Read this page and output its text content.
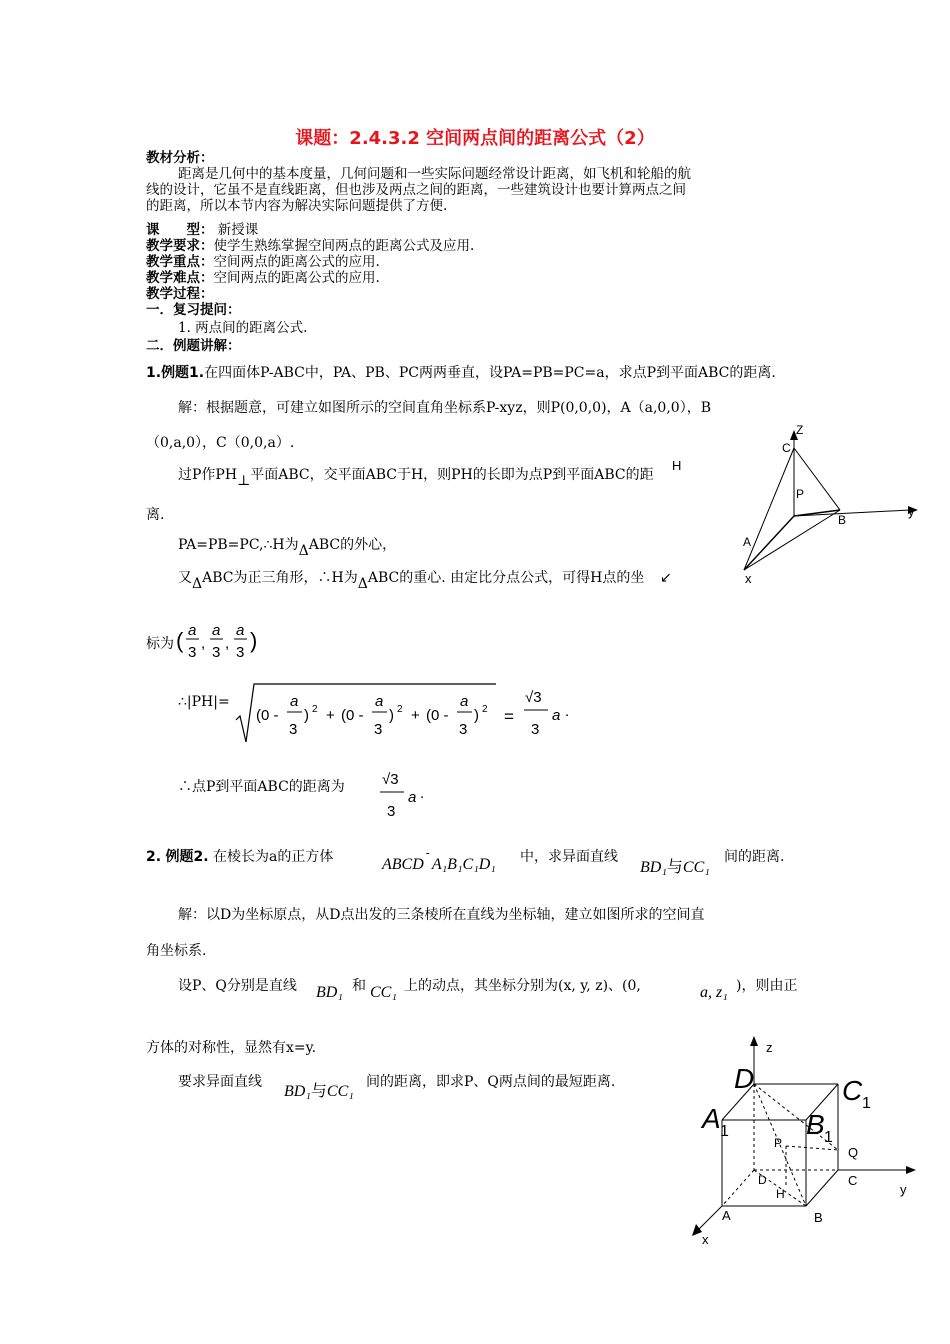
课题：2.4.3.2 空间两点间的距离公式（2）
教材分析：
距离是几何中的基本度量，几何问题和一些实际问题经常设计距离，如飞机和轮船的航
线的设计，它虽不是直线距离，但也涉及两点之间的距离，一些建筑设计也要计算两点之间
的距离，所以本节内容为解决实际问题提供了方便.
课　　型： 新授课
教学要求：使学生熟练掌握空间两点的距离公式及应用.
教学重点：空间两点的距离公式的应用.
教学难点：空间两点的距离公式的应用.
教学过程：
一．复习提问：
1. 两点间的距离公式.
二．例题讲解：
1.例题1.在四面体P-ABC中，PA、PB、PC两两垂直，设PA=PB=PC=a，求点P到平面ABC的距离.
解：根据题意，可建立如图所示的空间直角坐标系P-xyz，则P(0,0,0)，A（a,0,0），B
（0,a,0），C（0,0,a）.
过P作PH⊥平面ABC，交平面ABC于H，则PH的长即为点P到平面ABC的距
离.
PA=PB=PC,∴H为ΔABC的外心，
又ΔABC为正三角形，∴H为ΔABC的重心. 由定比分点公式，可得H点的坐
标为 ( a
3
,
a
3
,
a
3 )
∴|PH|=
(0 -
a
3
) 2 + (0 -
a
3
) 2 + (0 -
a
3
) 2 =
√3
3
a .
∴点P到平面ABC的距离为 √3
3
a .
Z
C
P
B
y
A
x
H
↙
2. 例题2. 在棱长为a的正方体	ABCD-A₁B₁C₁D₁ 中，求异面直线
BD₁与CC₁
间的距离.
解：以D为坐标原点，从D点出发的三条棱所在直线为坐标轴，建立如图所求的空间直
角坐标系.
设P、Q分别是直线 BD₁ 和 CC₁ 上的动点，其坐标分别为(x, y, z)、(0,	a, z₁ )，则由正
方体的对称性，显然有x=y.
要求异面直线
BD₁与CC₁
间的距离，即求P、Q两点间的最短距离.
z
P
Q
D
H
C
y
A	B
x
D	C 1
A 1	B 1
